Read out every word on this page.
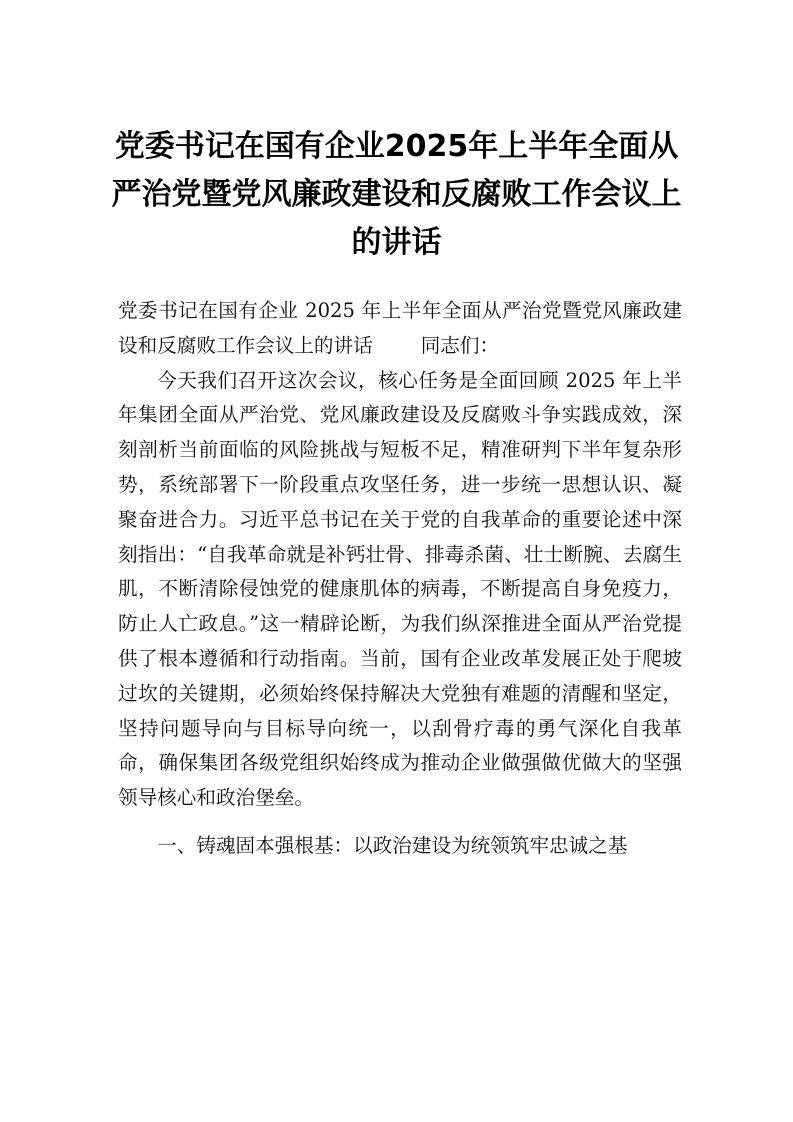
党委书记在国有企业2025年上半年全面从严治党暨党风廉政建设和反腐败工作会议上的讲话

党委书记在国有企业 2025 年上半年全面从严治党暨党风廉政建设和反腐败工作会议上的讲话 同志们：

今天我们召开这次会议，核心任务是全面回顾 2025 年上半年集团全面从严治党、党风廉政建设及反腐败斗争实践成效，深刻剖析当前面临的风险挑战与短板不足，精准研判下半年复杂形势，系统部署下一阶段重点攻坚任务，进一步统一思想认识、凝聚奋进合力。习近平总书记在关于党的自我革命的重要论述中深刻指出：“自我革命就是补钙壮骨、排毒杀菌、壮士断腕、去腐生肌，不断清除侵蚀党的健康肌体的病毒，不断提高自身免疫力，防止人亡政息。”这一精辟论断，为我们纵深推进全面从严治党提供了根本遵循和行动指南。当前，国有企业改革发展正处于爬坡过坎的关键期，必须始终保持解决大党独有难题的清醒和坚定，坚持问题导向与目标导向统一，以刮骨疗毒的勇气深化自我革命，确保集团各级党组织始终成为推动企业做强做优做大的坚强领导核心和政治堡垒。

一、铸魂固本强根基：以政治建设为统领筑牢忠诚之基
